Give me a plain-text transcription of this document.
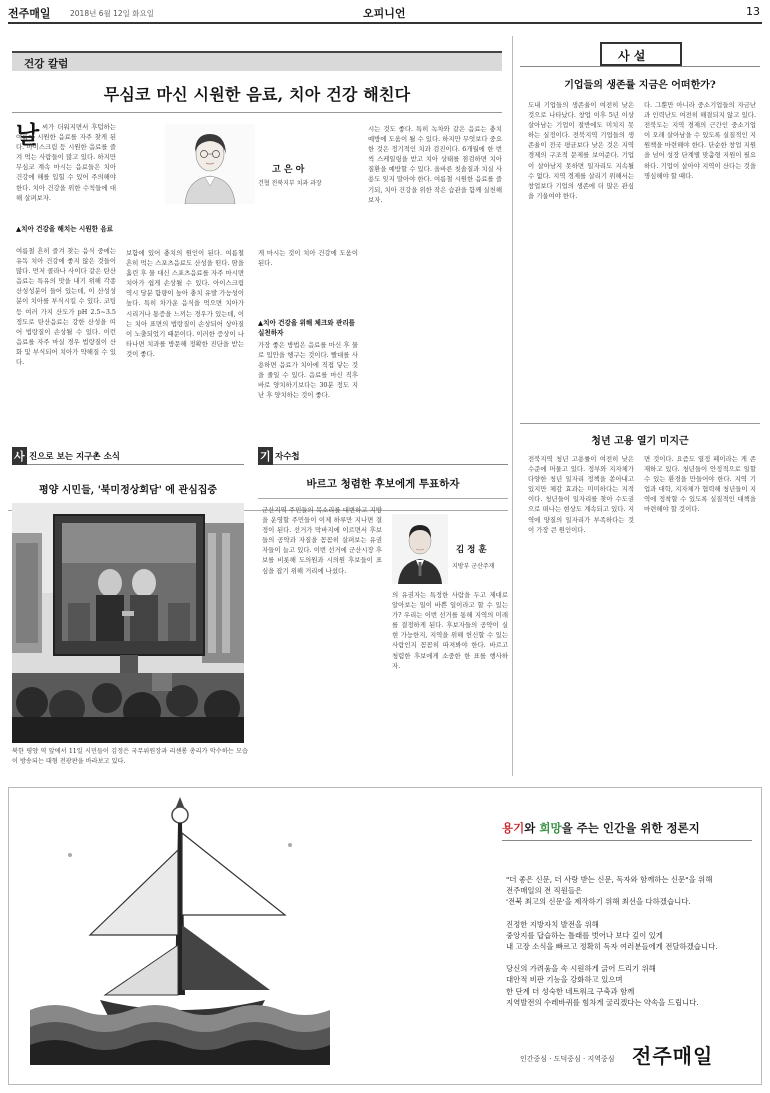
전주매일	2018년 6월 12일 화요일	오피니언	13
건강 칼럼
무심코 마신 시원한 음료, 치아 건강 해친다
날 씨가 더워지면서 후텁하는 여름에 시원한 음료를 자주 찾게 된다. 아이스크림 등 시원한 음료를 즐겨 먹는 사람들이 많고 있다. 하지만 무심코 계속 마시는 음료들은 치아 건강에 해를 입힐 수 있어 주의해야 한다. 치아 건강을 위한 수칙들에 대해 살펴보자.
▲치아 건강을 해치는 시원한 음료
여름철 흔히 즐겨 찾는 음식 중에는 유독 치아 건강에 좋지 않은 것들이 많다. 먼저 콜라나 사이다 같은 탄산음료는 특유의 맛을 내기 위해 각종 산성성분이 들어 있는데, 이 산성성분이 치아를 부식시킬 수 있다. 코팅 등 여러 가지 산도가 pH 2.5~3.5 정도로 탄산음료는 강한 산성을 띠어 법랑질이 손상될 수 있다. 이런 음료를 자주 마실 경우 법랑질이 산화 및 부식되어 치아가 약해질 수 있다.
고 은 아
건협 전북지부 치과 과장
보함에 있어 충치의 원인이 된다. 여름철 흔히 먹는 스포츠음료도 산성을 띤다. 땀을 흘린 후 물 대신 스포츠음료를 자주 마시면 치아가 쉽게 손상될 수 있다. 아이스크림 역시 당분 함량이 높아 충치 유발 가능성이 높다. 특히 차가운 음식을 먹으면 치아가 시리거나 통증을 느끼는 경우가 있는데, 이는 치아 표면의 법랑질이 손상되어 상아질이 노출되었기 때문이다. 이러한 증상이 나타나면 치과를 방문해 정확한 진단을 받는 것이 좋다.
게 마시는 것이 치아 건강에 도움이 된다.
▲치아 건강을 위해 체크와 관리를 실천하자
가장 좋은 방법은 음료를 마신 후 물로 입안을 헹구는 것이다. 빨대를 사용하면 음료가 치아에 직접 닿는 것을 줄일 수 있다. 음료를 마신 직후 바로 양치하기보다는 30분 정도 지난 후 양치하는 것이 좋다.
시는 것도 좋다. 특히 녹차와 같은 음료는 충치 예방에 도움이 될 수 있다. 하지만 무엇보다 중요한 것은 정기적인 치과 검진이다. 6개월에 한 번씩 스케일링을 받고 치아 상태를 점검하면 치아 질환을 예방할 수 있다. 올바른 칫솔질과 치실 사용도 잊지 말아야 한다. 여름철 시원한 음료를 즐기되, 치아 건강을 위한 작은 습관을 함께 실천해보자.
사 설
기업들의 생존률 지금은 어떠한가?
도내 기업들의 생존율이 여전히 낮은 것으로 나타났다. 창업 이후 5년 이상 살아남는 기업이 절반에도 미치지 못하는 실정이다. 전북지역 기업들의 생존율이 전국 평균보다 낮은 것은 지역 경제의 구조적 문제를 보여준다. 기업이 살아남지 못하면 일자리도 지속될 수 없다. 지역 경제를 살리기 위해서는 창업보다 기업의 생존에 더 많은 관심을 기울여야 한다.
다. 그뿐만 아니라 중소기업들의 자금난과 인력난도 여전히 해결되지 않고 있다. 전북도는 지역 경제의 근간인 중소기업이 오래 살아남을 수 있도록 실질적인 지원책을 마련해야 한다. 단순한 창업 지원을 넘어 성장 단계별 맞춤형 지원이 필요하다. 기업이 살아야 지역이 산다는 것을 명심해야 할 때다.
청년 고용 열기 미지근
전북지역 청년 고용률이 여전히 낮은 수준에 머물고 있다. 정부와 지자체가 다양한 청년 일자리 정책을 쏟아내고 있지만 체감 효과는 미미하다는 지적이다. 청년들이 일자리를 찾아 수도권으로 떠나는 현상도 계속되고 있다. 지역에 양질의 일자리가 부족하다는 것이 가장 큰 원인이다.
면 것이다. 요즘도 열정 페이라는 게 존재하고 있다. 청년들이 안정적으로 일할 수 있는 환경을 만들어야 한다. 지역 기업과 대학, 지자체가 협력해 청년들이 지역에 정착할 수 있도록 실질적인 대책을 마련해야 할 것이다.
사 진으로 보는 지구촌 소식
평양 시민들, '북미정상회담' 에 관심집중
북한 평양 역 앞에서 11일 시민들이 김정은 국무위원장과 리센롱 총리가 악수하는 모습이 방송되는 대형 전광판을 바라보고 있다.
기 자수첩
바르고 청렴한 후보에게 투표하자
군산지역 주민들의 목소리를 대변하고 지방을 운영할 주민들이 이제 하루만 지나면 결정이 된다. 선거가 막바지에 이르면서 후보들의 공약과 자질을 꼼꼼히 살펴보는 유권자들이 늘고 있다. 이번 선거에 군산시장 후보를 비롯해 도의원과 시의원 후보들이 표심을 잡기 위해 거리에 나섰다.
김 정 훈
지방부 군산주재
의 유권자는 특정한 사람을 두고 제대로 알아보는 일이 바쁜 일이라고 할 수 있는가? 우리는 이번 선거를 통해 지역의 미래를 결정하게 된다. 후보자들의 공약이 실현 가능한지, 지역을 위해 헌신할 수 있는 사람인지 꼼꼼히 따져봐야 한다. 바르고 청렴한 후보에게 소중한 한 표를 행사하자.
용기와 희망을 주는 인간을 위한 정론지
"더 좋은 신문, 더 사랑 받는 신문, 독자와 함께하는 신문"을 위해
전주매일의 전 직원들은
'전북 최고의 신문'을 제작하기 위해 최선을 다하겠습니다.
진정한 지방자치 발전을 위해
중앙지를 답습하는 틀래를 벗어나 보다 깊이 있게
내 고장 소식을 빠르고 정확히 독자 여러분들에게 전달하겠습니다.
당신의 가려움을 속 시원하게 긁어 드리기 위해
대안적 비판 기능을 강화하고 있으며
한 단계 더 성숙한 네트워크 구축과 함께
지역발전의 수레바퀴를 힘차게 굴리겠다는 약속을 드립니다.
인간중심 · 도덕중심 · 지역중심 전주매일
